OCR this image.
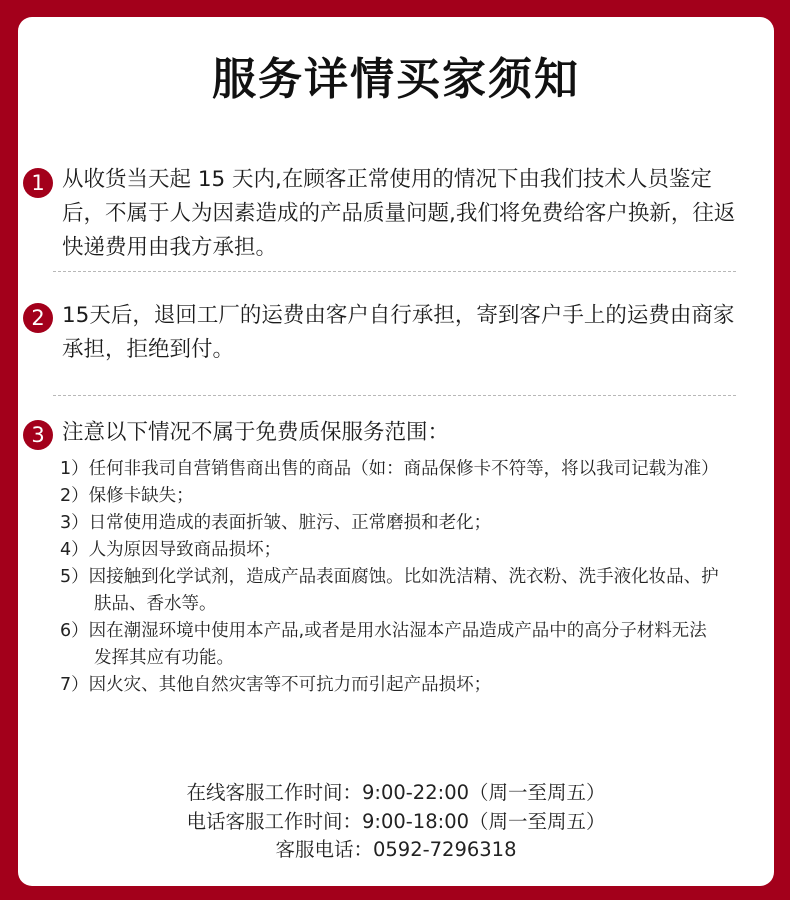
服务详情买家须知
1 从收货当天起 15 天内,在顾客正常使用的情况下由我们技术人员鉴定后，不属于人为因素造成的产品质量问题,我们将免费给客户换新，往返快递费用由我方承担。
2 15天后，退回工厂的运费由客户自行承担，寄到客户手上的运费由商家承担，拒绝到付。
3 注意以下情况不属于免费质保服务范围：
1）任何非我司自营销售商出售的商品（如：商品保修卡不符等，将以我司记载为准）
2）保修卡缺失；
3）日常使用造成的表面折皱、脏污、正常磨损和老化；
4）人为原因导致商品损坏；
5）因接触到化学试剂，造成产品表面腐蚀。比如洗洁精、洗衣粉、洗手液化妆品、护肤品、香水等。
6）因在潮湿环境中使用本产品,或者是用水沾湿本产品造成产品中的高分子材料无法发挥其应有功能。
7）因火灾、其他自然灾害等不可抗力而引起产品损坏；
在线客服工作时间：9:00-22:00（周一至周五）
电话客服工作时间：9:00-18:00（周一至周五）
客服电话：0592-7296318
